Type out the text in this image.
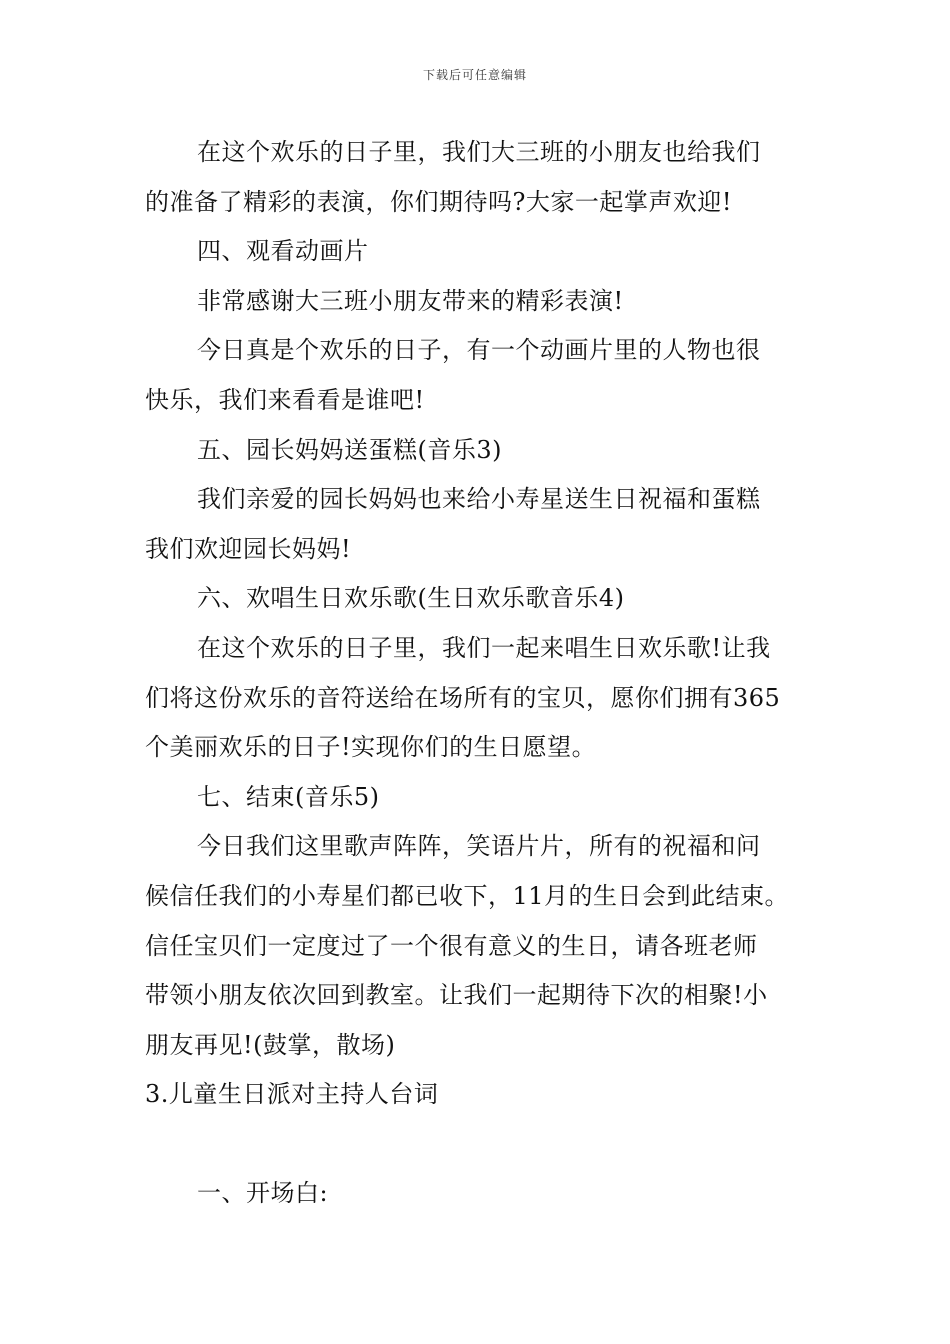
下载后可任意编辑
在这个欢乐的日子里，我们大三班的小朋友也给我们
的准备了精彩的表演，你们期待吗?大家一起掌声欢迎!
四、观看动画片
非常感谢大三班小朋友带来的精彩表演!
今日真是个欢乐的日子，有一个动画片里的人物也很
快乐，我们来看看是谁吧!
五、园长妈妈送蛋糕(音乐3)
我们亲爱的园长妈妈也来给小寿星送生日祝福和蛋糕
我们欢迎园长妈妈!
六、欢唱生日欢乐歌(生日欢乐歌音乐4)
在这个欢乐的日子里，我们一起来唱生日欢乐歌!让我
们将这份欢乐的音符送给在场所有的宝贝，愿你们拥有365
个美丽欢乐的日子!实现你们的生日愿望。
七、结束(音乐5)
今日我们这里歌声阵阵，笑语片片，所有的祝福和问
候信任我们的小寿星们都已收下，11月的生日会到此结束。
信任宝贝们一定度过了一个很有意义的生日，请各班老师
带领小朋友依次回到教室。让我们一起期待下次的相聚!小
朋友再见!(鼓掌，散场)
3.儿童生日派对主持人台词
一、开场白:
